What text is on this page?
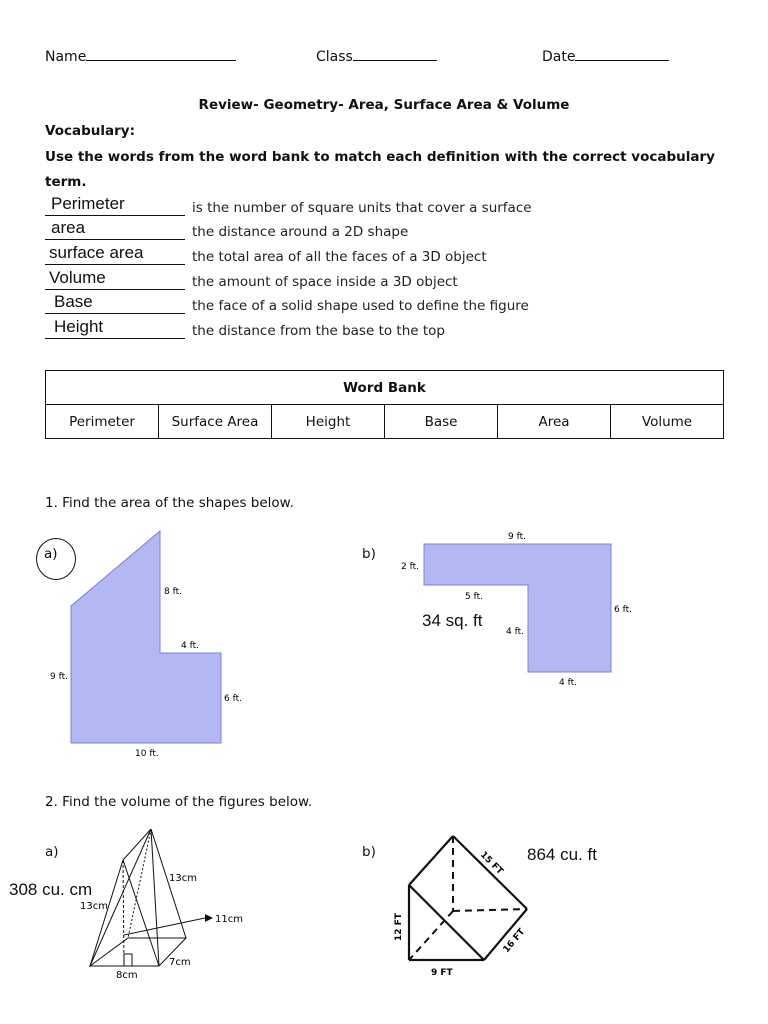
Name	Class	Date
Review- Geometry- Area, Surface Area & Volume
Vocabulary:
Use the words from the word bank to match each definition with the correct vocabulary
term.
Perimeter	is the number of square units that cover a surface
area	the distance around a 2D shape
surface area	the total area of all the faces of a 3D object
Volume	the amount of space inside a 3D object
Base	the face of a solid shape used to define the figure
Height	the distance from the base to the top
Word Bank
Perimeter	Surface Area	Height	Base	Area	Volume
1. Find the area of the shapes below.
a)
8 ft.
4 ft.
9 ft.
6 ft.
10 ft.
b)
9 ft.
2 ft.
5 ft.
6 ft.
4 ft.
4 ft.
34 sq. ft
2. Find the volume of the figures below.
a)
308 cu. cm
13cm
13cm
11cm
7cm
8cm
b)	864 cu. ft
15 FT
12 FT
16 FT
9 FT
